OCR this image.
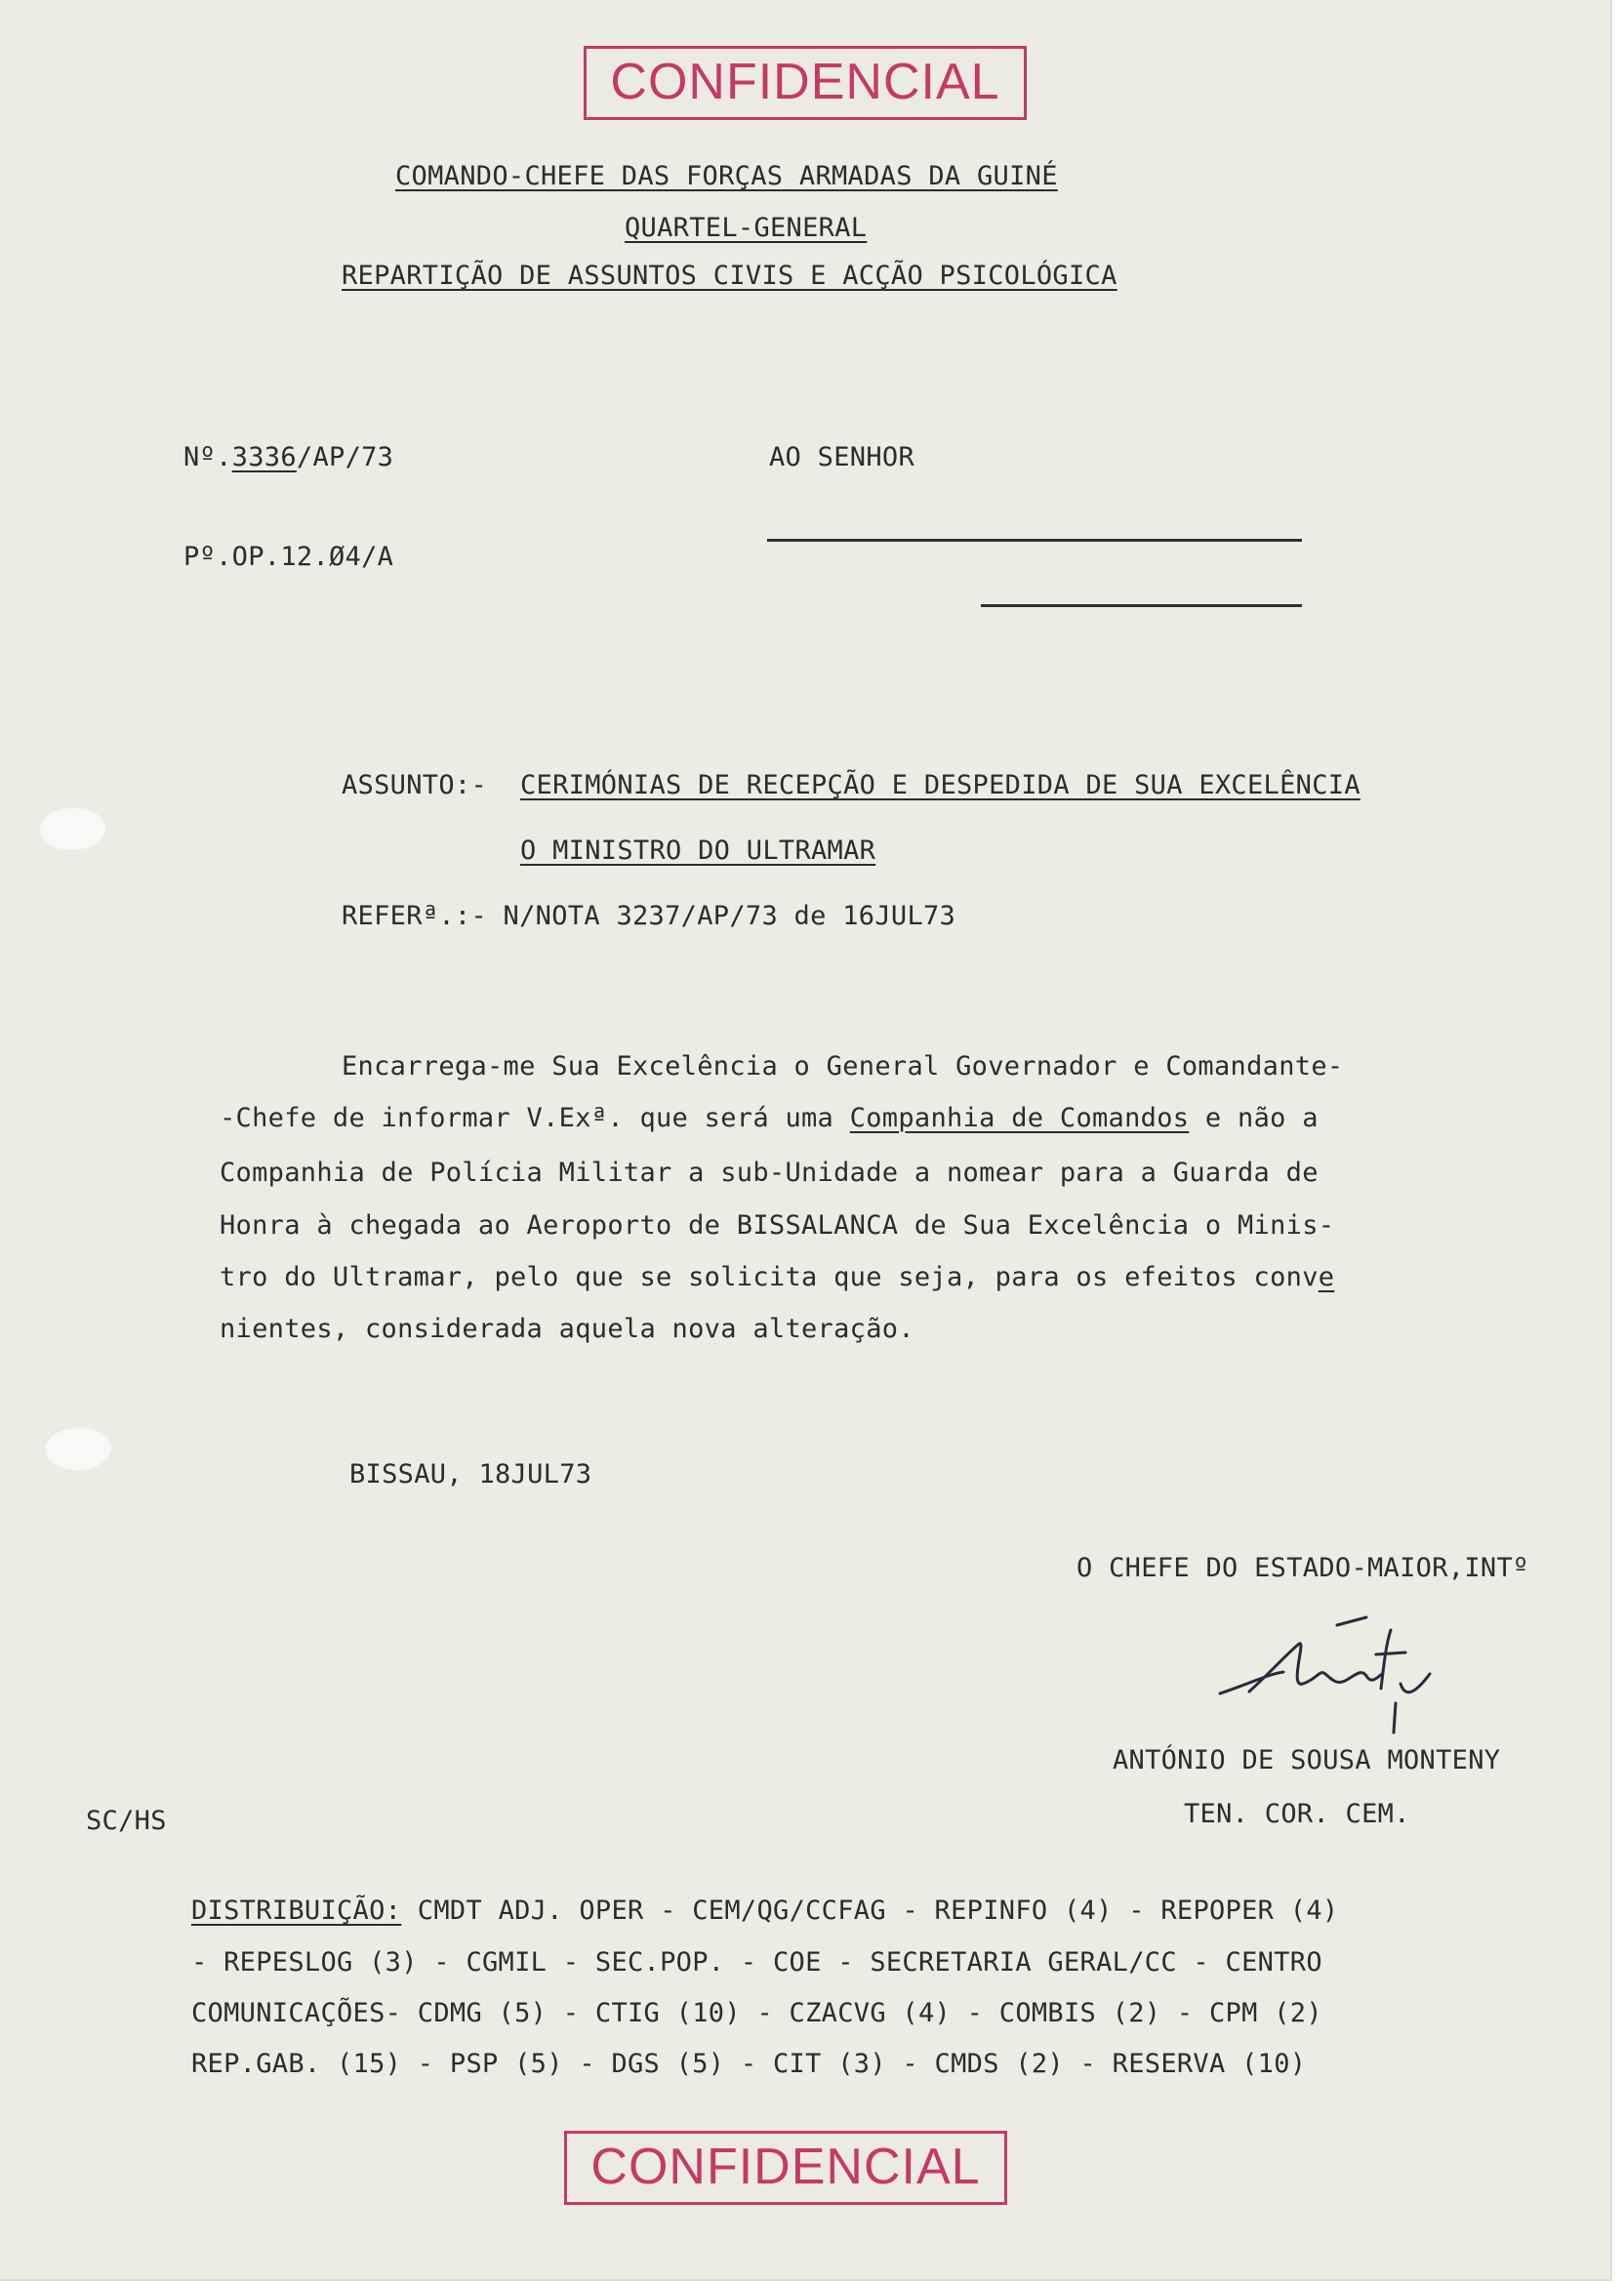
CONFIDENCIAL
COMANDO-CHEFE DAS FORÇAS ARMADAS DA GUINÉ
QUARTEL-GENERAL
REPARTIÇÃO DE ASSUNTOS CIVIS E ACÇÃO PSICOLÓGICA
Nº.3336/AP/73
Pº.OP.12.Ø4/A
AO SENHOR
ASSUNTO:- CERIMÓNIAS DE RECEPÇÃO E DESPEDIDA DE SUA EXCELÊNCIA
O MINISTRO DO ULTRAMAR
REFERª.:- N/NOTA 3237/AP/73 de 16JUL73
Encarrega-me Sua Excelência o General Governador e Comandante-
-Chefe de informar V.Exª. que será uma Companhia de Comandos e não a
Companhia de Polícia Militar a sub-Unidade a nomear para a Guarda de
Honra à chegada ao Aeroporto de BISSALANCA de Sua Excelência o Minis-
tro do Ultramar, pelo que se solicita que seja, para os efeitos conve
nientes, considerada aquela nova alteração.
BISSAU, 18JUL73
O CHEFE DO ESTADO-MAIOR,INTº
ANTÓNIO DE SOUSA MONTENY
TEN. COR. CEM.
SC/HS
DISTRIBUIÇÃO: CMDT ADJ. OPER - CEM/QG/CCFAG - REPINFO (4) - REPOPER (4)
- REPESLOG (3) - CGMIL - SEC.POP. - COE - SECRETARIA GERAL/CC - CENTRO
COMUNICAÇÕES- CDMG (5) - CTIG (10) - CZACVG (4) - COMBIS (2) - CPM (2)
REP.GAB. (15) - PSP (5) - DGS (5) - CIT (3) - CMDS (2) - RESERVA (10)
CONFIDENCIAL
